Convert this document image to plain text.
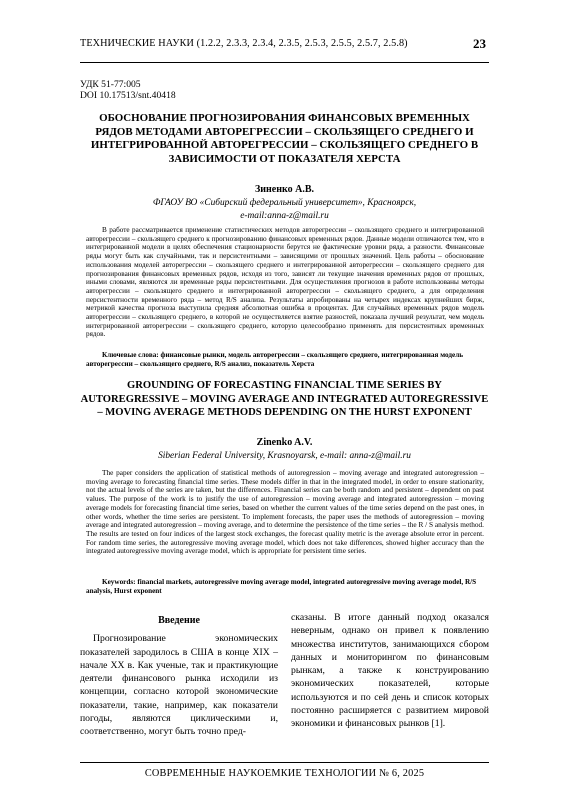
ТЕХНИЧЕСКИЕ НАУКИ (1.2.2, 2.3.3, 2.3.4, 2.3.5, 2.5.3, 2.5.5, 2.5.7, 2.5.8)	23
УДК 51-77:005
DOI 10.17513/snt.40418
ОБОСНОВАНИЕ ПРОГНОЗИРОВАНИЯ ФИНАНСОВЫХ ВРЕМЕННЫХ РЯДОВ МЕТОДАМИ АВТОРЕГРЕССИИ – СКОЛЬЗЯЩЕГО СРЕДНЕГО И ИНТЕГРИРОВАННОЙ АВТОРЕГРЕССИИ – СКОЛЬЗЯЩЕГО СРЕДНЕГО В ЗАВИСИМОСТИ ОТ ПОКАЗАТЕЛЯ ХЕРСТА
Зиненко А.В.
ФГАОУ ВО «Сибирский федеральный университет», Красноярск,
e-mail:anna-z@mail.ru
В работе рассматривается применение статистических методов авторегрессии – скользящего среднего и интегрированной авторегрессии – скользящего среднего к прогнозированию финансовых временных рядов. Данные модели отличаются тем, что в интегрированной модели в целях обеспечения стационарности берутся не фактические уровни ряда, а разности. Финансовые ряды могут быть как случайными, так и персистентными – зависящими от прошлых значений. Цель работы – обоснование использования моделей авторегрессии – скользящего среднего и интегрированной авторегрессии – скользящего среднего для прогнозирования финансовых временных рядов, исходя из того, зависят ли текущие значения временных рядов от прошлых, иными словами, являются ли временные ряды персистентными. Для осуществления прогнозов в работе использованы методы авторегрессии – скользящего среднего и интегрированной авторегрессии – скользящего среднего, а для определения персистентности временного ряда – метод R/S анализа. Результаты апробированы на четырех индексах крупнейших бирж, метрикой качества прогноза выступила средняя абсолютная ошибка в процентах. Для случайных временных рядов модель авторегрессии – скользящего среднего, в которой не осуществляется взятие разностей, показала лучший результат, чем модель интегрированной авторегрессии – скользящего среднего, которую целесообразно применять для персистентных временных рядов.
Ключевые слова: финансовые рынки, модель авторегрессии – скользящего среднего, интегрированная модель авторегрессии – скользящего среднего, R/S анализ, показатель Херста
GROUNDING OF FORECASTING FINANCIAL TIME SERIES BY AUTOREGRESSIVE – MOVING AVERAGE AND INTEGRATED AUTOREGRESSIVE – MOVING AVERAGE METHODS DEPENDING ON THE HURST EXPONENT
Zinenko A.V.
Siberian Federal University, Krasnoyarsk, e-mail: anna-z@mail.ru
The paper considers the application of statistical methods of autoregression – moving average and integrated autoregression – moving average to forecasting financial time series. These models differ in that in the integrated model, in order to ensure stationarity, not the actual levels of the series are taken, but the differences. Financial series can be both random and persistent – dependent on past values. The purpose of the work is to justify the use of autoregression – moving average and integrated autoregression – moving average models for forecasting financial time series, based on whether the current values of the time series depend on the past ones, in other words, whether the time series are persistent. To implement forecasts, the paper uses the methods of autoregression – moving average and integrated autoregression – moving average, and to determine the persistence of the time series – the R / S analysis method. The results are tested on four indices of the largest stock exchanges, the forecast quality metric is the average absolute error in percent. For random time series, the autoregressive moving average model, which does not take differences, showed higher accuracy than the integrated autoregressive moving average model, which is appropriate for persistent time series.
Keywords: financial markets, autoregressive moving average model, integrated autoregressive moving average model, R/S analysis, Hurst exponent
Введение

Прогнозирование экономических показателей зародилось в США в конце XIX – начале XX в. Как ученые, так и практикующие деятели финансового рынка исходили из концепции, согласно которой экономические показатели, такие, например, как показатели погоды, являются циклическими и, соответственно, могут быть точно пред-

сказаны. В итоге данный подход оказался неверным, однако он привел к появлению множества институтов, занимающихся сбором данных и мониторингом по финансовым рынкам, а также к конструированию экономических показателей, которые используются и по сей день и список которых постоянно расширяется с развитием мировой экономики и финансовых рынков [1].

СОВРЕМЕННЫЕ НАУКОЕМКИЕ ТЕХНОЛОГИИ № 6, 2025
